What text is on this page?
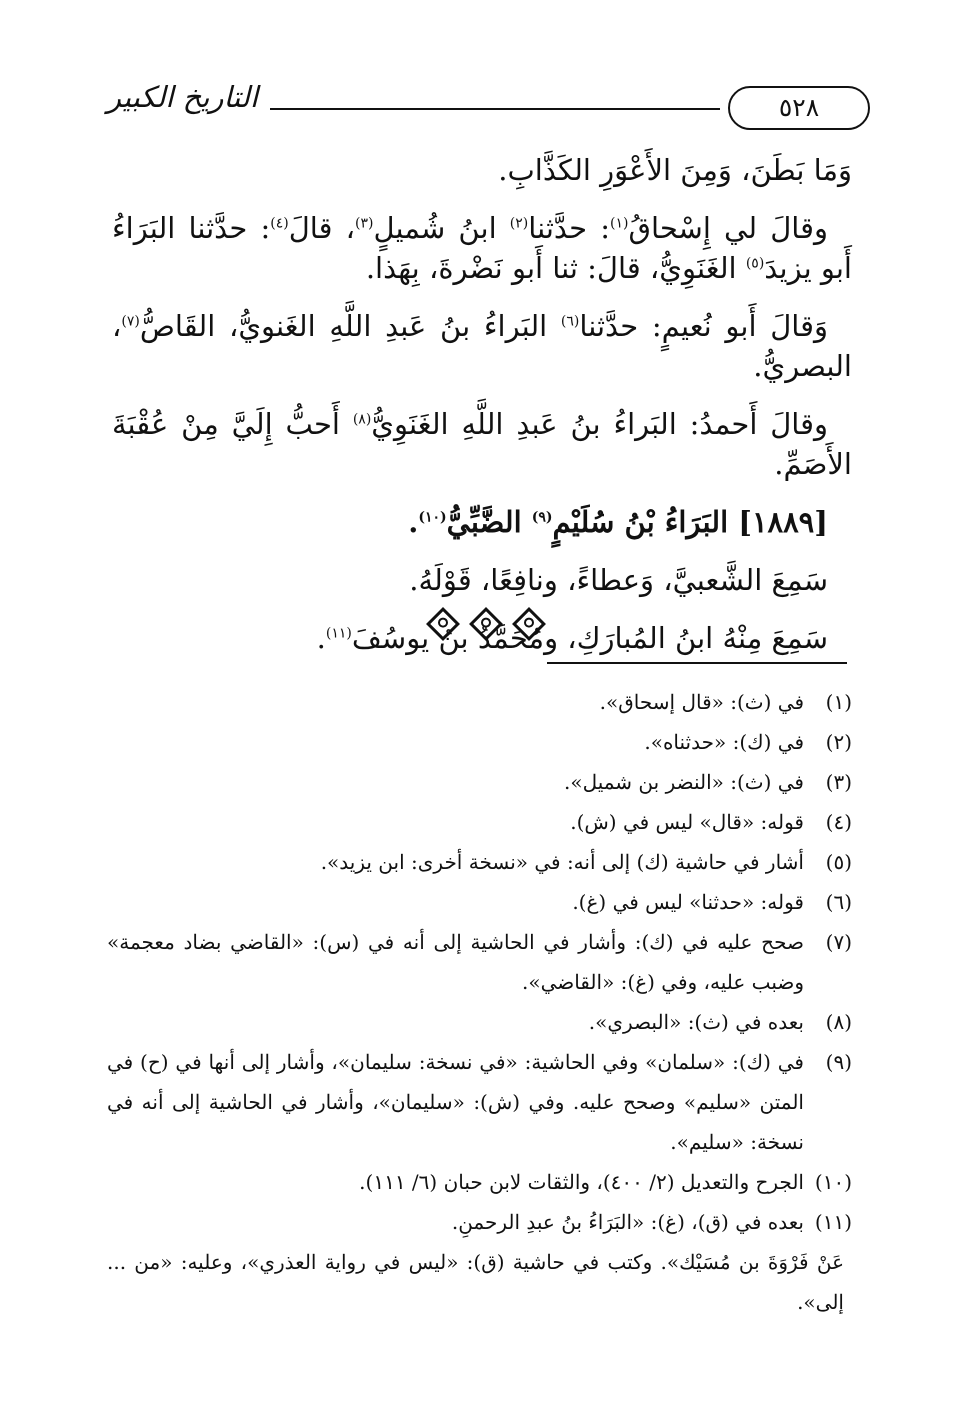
٥٢٨
التاريخ الكبير

وَمَا بَطَنَ، وَمِنَ الأَعْوَرِ الكَذَّابِ.

وقالَ لي إِسْحاقُ$^{(١)}$: حدَّثنا$^{(٢)}$ ابنُ شُميلٍ$^{(٣)}$، قالَ$^{(٤)}$: حدَّثنا البَرَاءُ أَبو يزيدَ$^{(٥)}$ الغَنَوِيُّ، قالَ: ثنا أَبو نَضْرةَ، بِهَذا.

وَقالَ أَبو نُعيمٍ: حدَّثنا$^{(٦)}$ البَراءُ بنُ عَبدِ اللَّهِ الغَنويُّ، القَاصُّ$^{(٧)}$، البصريُّ.

وقالَ أَحمدُ: البَراءُ بنُ عَبدِ اللَّهِ الغَنَوِيُّ$^{(٨)}$ أَحبُّ إِلَيَّ مِنْ عُقْبَةَ الأَصَمِّ.

[١٨٨٩] البَرَاءُ بْنُ سُلَيْمٍ$^{(٩)}$ الضَّبِّيُّ$^{(١٠)}$.

سَمِعَ الشَّعبيَّ، وَعطاءً، ونافِعًا، قَوْلَهُ.

سَمِعَ مِنْهُ ابنُ المُبارَكِ، ومُحَمَّدُ بنُ يوسُفَ$^{(١١)}$.

(١)
في (ث): «قال إسحاق».
(٢)
في (ك): «حدثناه».
(٣)
في (ث): «النضر بن شميل».
(٤)
قوله: «قال» ليس في (ش).
(٥)
أشار في حاشية (ك) إلى أنه: في «نسخة أخرى: ابن يزيد».
(٦)
قوله: «حدثنا» ليس في (غ).
(٧)
صحح عليه في (ك): وأشار في الحاشية إلى أنه في (س): «القاضي بضاد معجمة» وضبب عليه، وفي (غ): «القاضي».
(٨)
بعده في (ث): «البصري».
(٩)
في (ك): «سلمان» وفي الحاشية: «في نسخة: سليمان»، وأشار إلى أنها في (ح) في المتن «سليم» وصحح عليه. وفي (ش): «سليمان»، وأشار في الحاشية إلى أنه في نسخة: «سليم».
(١٠)
الجرح والتعديل (٢/ ٤٠٠)، والثقات لابن حبان (٦/ ١١١).
(١١)
بعده في (ق)، (غ): «البَرَاءُ بنُ عبدِ الرحمنِ.

عَنْ فَرْوَةَ بن مُسَيْك». وكتب في حاشية (ق): «ليس في رواية العذري»، وعليه: «من ... إلى».
